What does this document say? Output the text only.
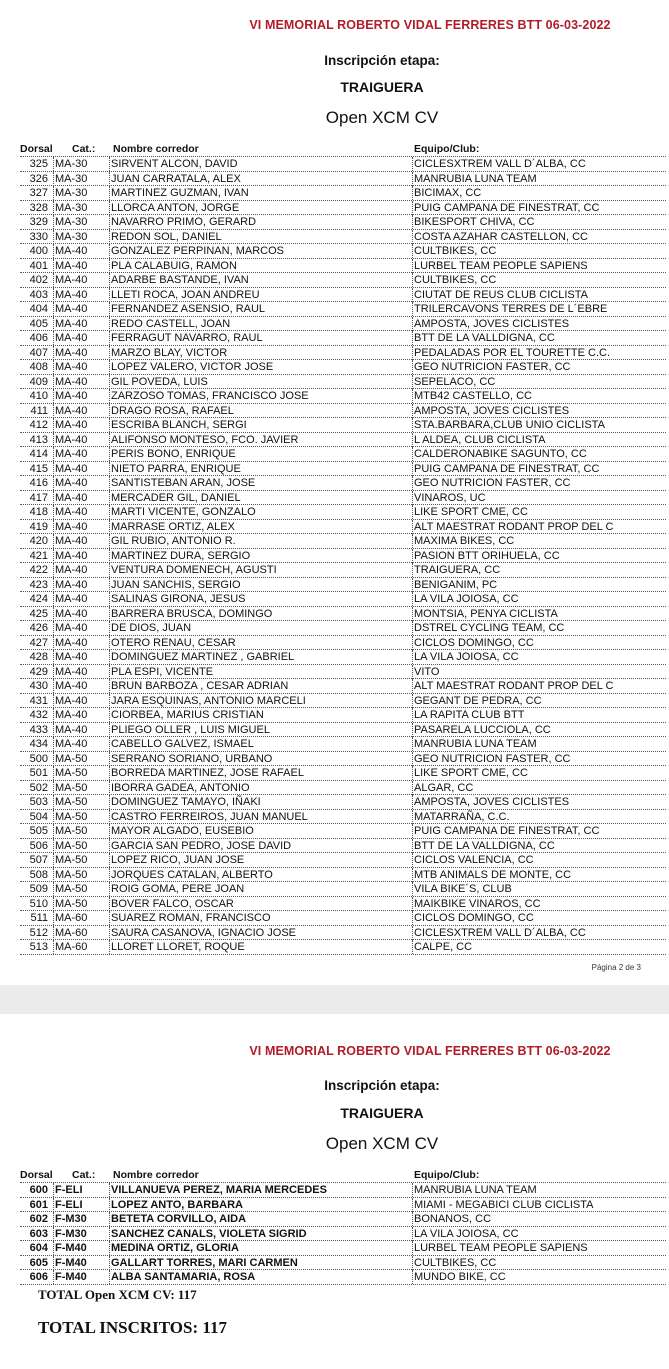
VI MEMORIAL ROBERTO VIDAL FERRERES BTT 06-03-2022
Inscripción etapa:
TRAIGUERA
Open XCM CV
Dorsal Cat.: Nombre corredor	Equipo/Club:
325 MA-30	SIRVENT ALCON, DAVID	CICLESXTREM VALL D´ALBA, CC
326 MA-30	JUAN CARRATALA, ALEX	MANRUBIA LUNA TEAM
327 MA-30	MARTINEZ GUZMAN, IVAN	BICIMAX, CC
328 MA-30	LLORCA ANTON, JORGE	PUIG CAMPANA DE FINESTRAT, CC
329 MA-30	NAVARRO PRIMO, GERARD	BIKESPORT CHIVA, CC
330 MA-30	REDON SOL, DANIEL	COSTA AZAHAR CASTELLON, CC
400 MA-40	GONZALEZ PERPINAN, MARCOS	CULTBIKES, CC
401 MA-40	PLA CALABUIG, RAMON	LURBEL TEAM PEOPLE SAPIENS
402 MA-40	ADARBE BASTANDE, IVAN	CULTBIKES, CC
403 MA-40	LLETI ROCA, JOAN ANDREU	CIUTAT DE REUS CLUB CICLISTA
404 MA-40	FERNANDEZ ASENSIO, RAUL	TRILERCAVONS TERRES DE L´EBRE
405 MA-40	REDO CASTELL, JOAN	AMPOSTA, JOVES CICLISTES
406 MA-40	FERRAGUT NAVARRO, RAUL	BTT DE LA VALLDIGNA, CC
407 MA-40	MARZO BLAY, VICTOR	PEDALADAS POR EL TOURETTE C.C.
408 MA-40	LOPEZ VALERO, VICTOR JOSE	GEO NUTRICION FASTER, CC
409 MA-40	GIL POVEDA, LUIS	SEPELACO, CC
410 MA-40	ZARZOSO TOMAS, FRANCISCO JOSE	MTB42 CASTELLO, CC
411 MA-40	DRAGO ROSA, RAFAEL	AMPOSTA, JOVES CICLISTES
412 MA-40	ESCRIBA BLANCH, SERGI	STA.BARBARA,CLUB UNIO CICLISTA
413 MA-40	ALIFONSO MONTESO, FCO. JAVIER	L ALDEA, CLUB CICLISTA
414 MA-40	PERIS BONO, ENRIQUE	CALDERONABIKE SAGUNTO, CC
415 MA-40	NIETO PARRA, ENRIQUE	PUIG CAMPANA DE FINESTRAT, CC
416 MA-40	SANTISTEBAN ARAN, JOSE	GEO NUTRICION FASTER, CC
417 MA-40	MERCADER GIL, DANIEL	VINAROS, UC
418 MA-40	MARTI VICENTE, GONZALO	LIKE SPORT CME, CC
419 MA-40	MARRASE ORTIZ, ALEX	ALT MAESTRAT RODANT PROP DEL C
420 MA-40	GIL RUBIO, ANTONIO R.	MAXIMA BIKES, CC
421 MA-40	MARTINEZ DURA, SERGIO	PASION BTT ORIHUELA, CC
422 MA-40	VENTURA DOMENECH, AGUSTI	TRAIGUERA, CC
423 MA-40	JUAN SANCHIS, SERGIO	BENIGANIM, PC
424 MA-40	SALINAS GIRONA, JESUS	LA VILA JOIOSA, CC
425 MA-40	BARRERA BRUSCA, DOMINGO	MONTSIA, PENYA CICLISTA
426 MA-40	DE DIOS, JUAN	DSTREL CYCLING TEAM, CC
427 MA-40	OTERO RENAU, CESAR	CICLOS DOMINGO, CC
428 MA-40	DOMINGUEZ MARTINEZ , GABRIEL	LA VILA JOIOSA, CC
429 MA-40	PLA ESPI, VICENTE	VITO
430 MA-40	BRUN BARBOZA , CESAR ADRIAN	ALT MAESTRAT RODANT PROP DEL C
431 MA-40	JARA ESQUINAS, ANTONIO MARCELI	GEGANT DE PEDRA, CC
432 MA-40	CIORBEA, MARIUS CRISTIAN	LA RAPITA CLUB BTT
433 MA-40	PLIEGO OLLER , LUIS MIGUEL	PASARELA LUCCIOLA, CC
434 MA-40	CABELLO GALVEZ, ISMAEL	MANRUBIA LUNA TEAM
500 MA-50	SERRANO SORIANO, URBANO	GEO NUTRICION FASTER, CC
501 MA-50	BORREDA MARTINEZ, JOSE RAFAEL	LIKE SPORT CME, CC
502 MA-50	IBORRA GADEA, ANTONIO	ALGAR, CC
503 MA-50	DOMINGUEZ TAMAYO, IÑAKI	AMPOSTA, JOVES CICLISTES
504 MA-50	CASTRO FERREIROS, JUAN MANUEL	MATARRAÑA, C.C.
505 MA-50	MAYOR ALGADO, EUSEBIO	PUIG CAMPANA DE FINESTRAT, CC
506 MA-50	GARCIA SAN PEDRO, JOSE DAVID	BTT DE LA VALLDIGNA, CC
507 MA-50	LOPEZ RICO, JUAN JOSE	CICLOS VALENCIA, CC
508 MA-50	JORQUES CATALAN, ALBERTO	MTB ANIMALS DE MONTE, CC
509 MA-50	ROIG GOMA, PERE JOAN	VILA BIKE´S, CLUB
510 MA-50	BOVER FALCO, OSCAR	MAIKBIKE VINAROS, CC
511 MA-60	SUAREZ ROMAN, FRANCISCO	CICLOS DOMINGO, CC
512 MA-60	SAURA CASANOVA, IGNACIO JOSE	CICLESXTREM VALL D´ALBA, CC
513 MA-60	LLORET LLORET, ROQUE	CALPE, CC
Página 2 de 3
VI MEMORIAL ROBERTO VIDAL FERRERES BTT 06-03-2022
Inscripción etapa:
TRAIGUERA
Open XCM CV
Dorsal Cat.: Nombre corredor	Equipo/Club:
600 F-ELI	VILLANUEVA PEREZ, MARIA MERCEDES	MANRUBIA LUNA TEAM
601 F-ELI	LOPEZ ANTO, BARBARA	MIAMI - MEGABICI CLUB CICLISTA
602 F-M30	BETETA CORVILLO, AIDA	BONANOS, CC
603 F-M30	SANCHEZ CANALS, VIOLETA SIGRID	LA VILA JOIOSA, CC
604 F-M40	MEDINA ORTIZ, GLORIA	LURBEL TEAM PEOPLE SAPIENS
605 F-M40	GALLART TORRES, MARI CARMEN	CULTBIKES, CC
606 F-M40	ALBA SANTAMARIA, ROSA	MUNDO BIKE, CC
TOTAL Open XCM CV: 117
TOTAL INSCRITOS: 117
